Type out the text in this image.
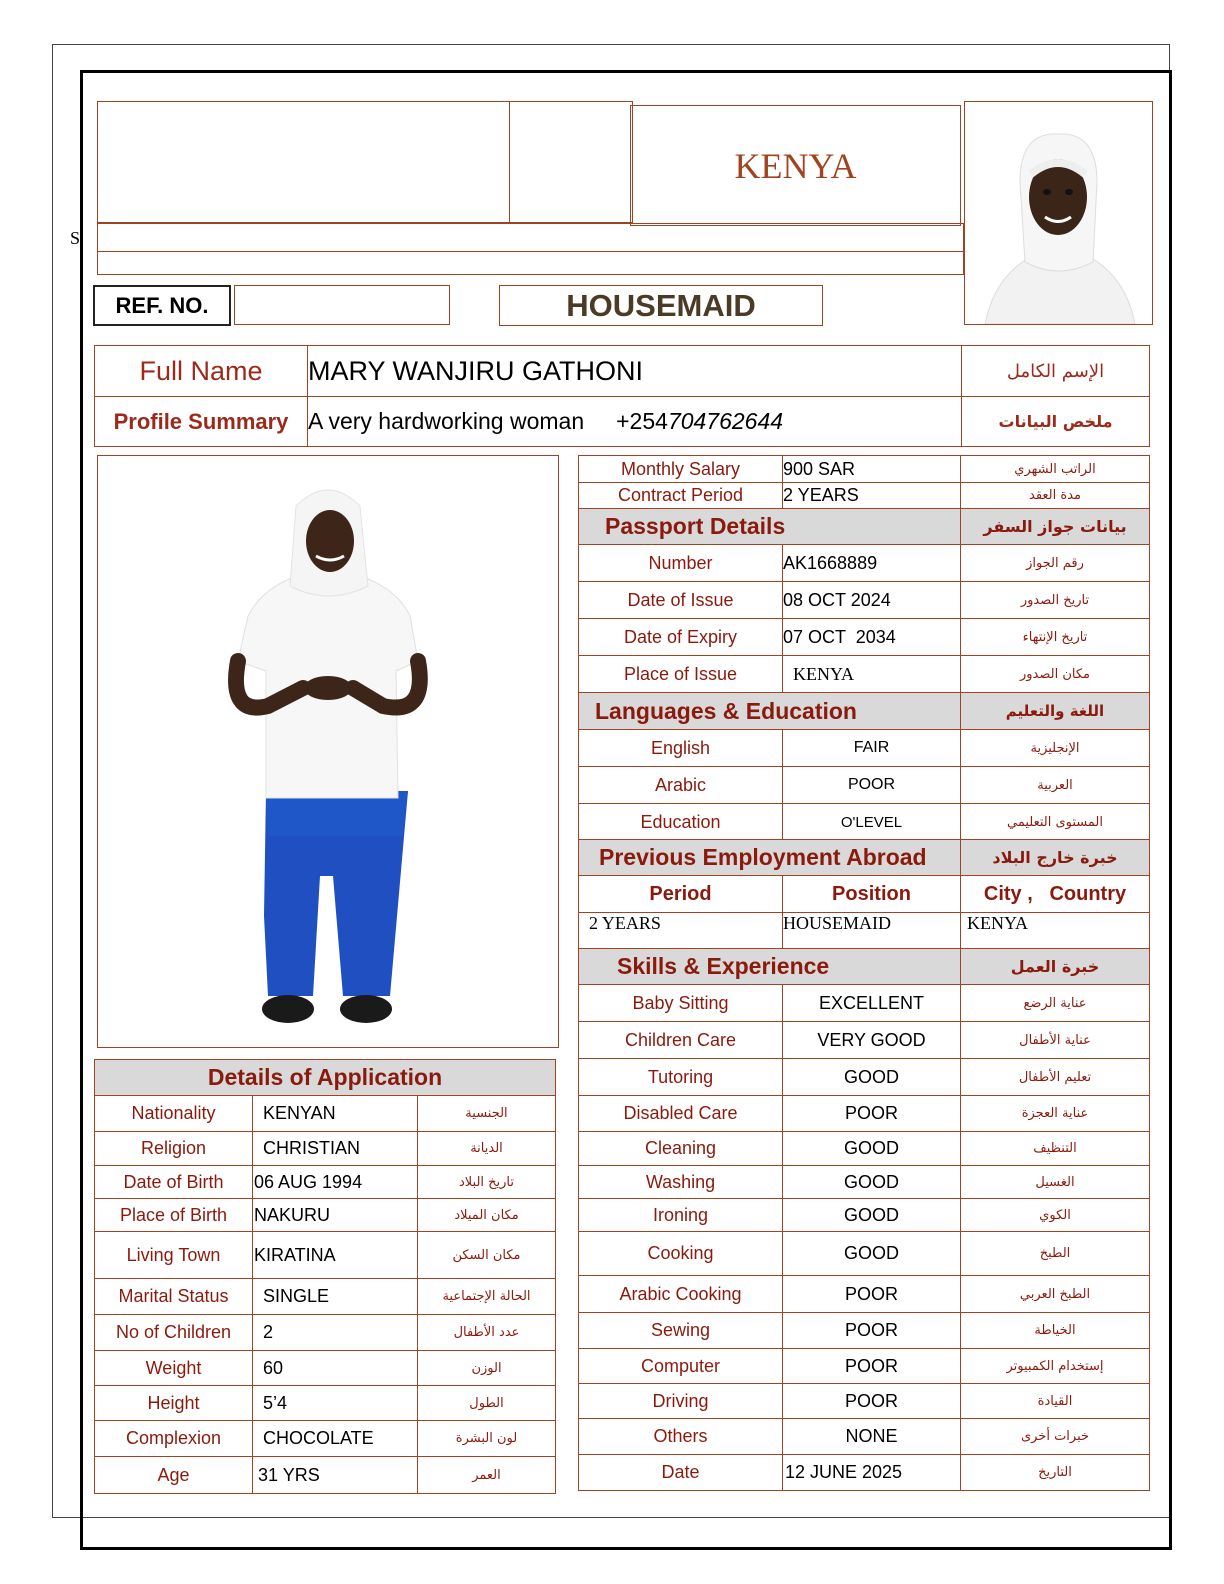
S
KENYA
REF. NO.	HOUSEMAID
Full Name	MARY WANJIRU GATHONI	الإسم الكامل
Profile Summary	A very hardworking woman +254704762644	ملخص البيانات
Monthly Salary	900 SAR	الراتب الشهري
Contract Period	2 YEARS	مدة العقد
Passport Details		بيانات جواز السفر
Number	AK1668889	رقم الجواز
Date of Issue	08 OCT 2024	تاريخ الصدور
Date of Expiry	07 OCT  2034	تاريخ الإنتهاء
Place of Issue	KENYA	مكان الصدور
Languages & Education		اللغة والتعليم
English	FAIR	الإنجليزية
Arabic	POOR	العربية
Education	O'LEVEL	المستوى التعليمي
Previous Employment Abroad		خبرة خارج البلاد
Period	Position	City ,   Country
2 YEARS	HOUSEMAID	KENYA
Skills & Experience		خبرة العمل
Baby Sitting	EXCELLENT	عناية الرضع
Children Care	VERY GOOD	عناية الأطفال
Tutoring	GOOD	تعليم الأطفال
Disabled Care	POOR	عناية العجزة
Cleaning	GOOD	التنظيف
Washing	GOOD	الغسيل
Ironing	GOOD	الكوي
Cooking	GOOD	الطبخ
Arabic Cooking	POOR	الطبخ العربي
Sewing	POOR	الخياطة
Computer	POOR	إستخدام الكمبيوتر
Driving	POOR	القيادة
Others	NONE	خبرات أخرى
Date	12 JUNE 2025	التاريخ
Details of Application		
Nationality	KENYAN	الجنسية
Religion	CHRISTIAN	الديانة
Date of Birth	06 AUG 1994	تاريخ البلاد
Place of Birth	NAKURU	مكان الميلاد
Living Town	KIRATINA	مكان السكن
Marital Status	SINGLE	الحالة الإجتماعية
No of Children	2	عدد الأطفال
Weight	60	الوزن
Height	5’4	الطول
Complexion	CHOCOLATE	لون البشرة
Age	31 YRS	العمر
